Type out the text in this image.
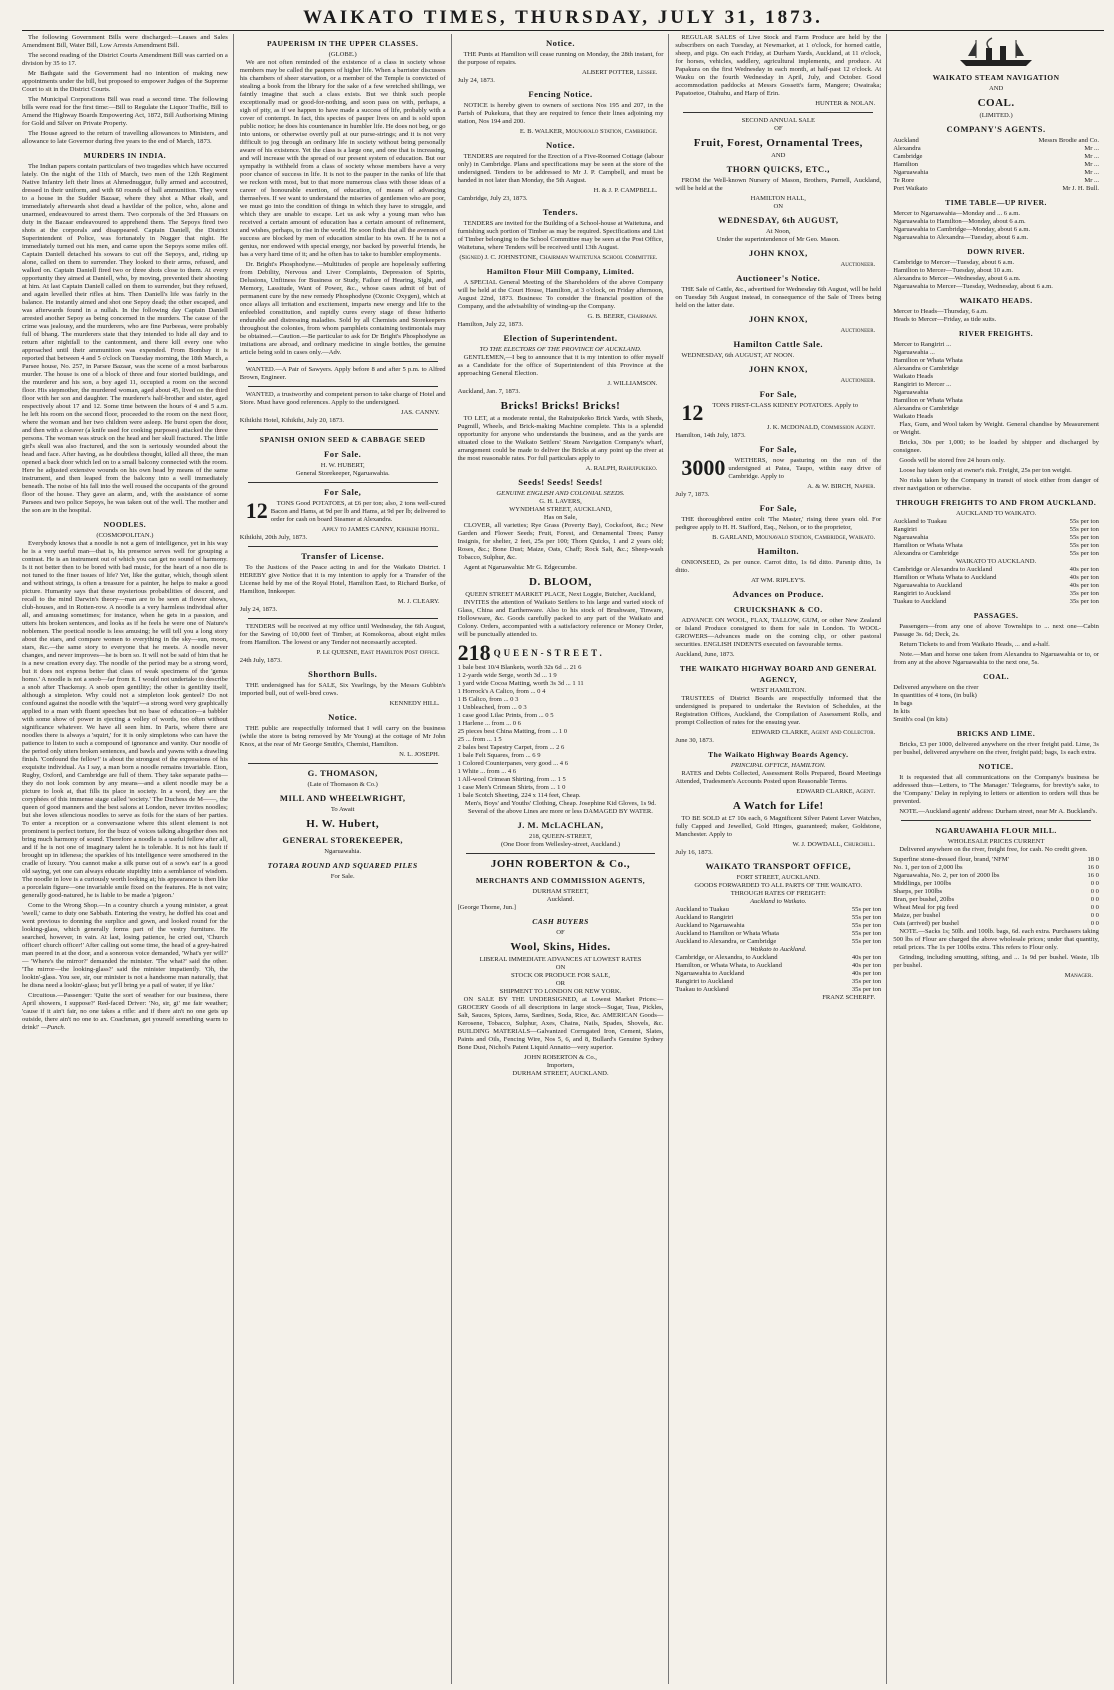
WAIKATO TIMES, THURSDAY, JULY 31, 1873.

The following Government Bills were discharged:—Leases and Sales Amendment Bill, Water Bill, Low Arrests Amendment Bill.

The second reading of the District Courts Amendment Bill was carried on a division by 35 to 17.

Mr Bathgate said the Government had no intention of making new appointments under the bill, but proposed to empower Judges of the Supreme Court to sit in the District Courts.

The Municipal Corporations Bill was read a second time. The following bills were read for the first time:—Bill to Regulate the Liquor Traffic, Bill to Amend the Highway Boards Empowering Act, 1872, Bill Authorising Mining for Gold and Silver on Private Property.

The House agreed to the return of travelling allowances to Ministers, and allowance to late Governor during five years to the end of March, 1873.

MURDERS IN INDIA.

The Indian papers contain particulars of two tragedies which have occurred lately. On the night of the 11th of March, two men of the 12th Regiment Native Infantry left their lines at Ahmednuggur, fully armed and accoutred, dressed in their uniform, and with 60 rounds of ball ammunition. They went to a house in the Sudder Bazaar, where they shot a Mhar ekali, and immediately afterwards shot dead a havildar of the police, who, alone and unarmed, endeavoured to arrest them. Two corporals of the 3rd Hussars on duty in the Bazaar endeavoured to apprehend them. The Sepoys fired two shots at the corporals and disappeared. Captain Daniell, the District Superintendent of Police, was fortunately in Nugger that night. He immediately turned out his men, and came upon the Sepoys some miles off. Captain Daniell detached his sowars to cut off the Sepoys, and, riding up alone, called on them to surrender. They looked to their arms, refused, and walked on. Captain Daniell fired two or three shots close to them. At every opportunity they aimed at Daniell, who, by moving, prevented their shooting at him. At last Captain Daniell called on them to surrender, but they refused, and again levelled their rifles at him. Then Daniell's life was fairly in the balance. He instantly aimed and shot one Sepoy dead; the other escaped, and was afterwards found in a nullah. In the following day Captain Daniell arrested another Sepoy as being concerned in the murders. The cause of the crime was jealousy, and the murderers, who are fine Purbeeas, were probably full of bhang. The murderers state that they intended to hide all day and to return after nightfall to the cantonment, and there kill every one who approached until their ammunition was expended. From Bombay it is reported that between 4 and 5 o'clock on Tuesday morning, the 18th March, a Parsee house, No. 257, in Parsee Bazaar, was the scene of a most barbarous murder. The house is one of a block of three and four storied buildings, and the murderer and his son, a boy aged 11, occupied a room on the second floor. His stepmother, the murdered woman, aged about 45, lived on the third floor with her son and daughter. The murderer's half-brother and sister, aged respectively about 17 and 12. Some time between the hours of 4 and 5 a.m. he left his room on the second floor, proceeded to the room on the next floor, where the woman and her two children were asleep. He burst open the door, and then with a cleaver (a knife used for cooking purposes) attacked the three persons. The woman was struck on the head and her skull fractured. The little girl's skull was also fractured, and the son is seriously wounded about the head and face. After having, as he doubtless thought, killed all three, the man opened a back door which led on to a small balcony connected with the room. Here he adjusted extensive wounds on his own head by means of the same instrument, and then leaped from the balcony into a well immediately beneath. The noise of his fall into the well roused the occupants of the ground floor of the house. They gave an alarm, and, with the assistance of some Parsees and two police Sepoys, he was taken out of the well. The mother and the son are in the hospital.

NOODLES.
(COSMOPOLITAN.)

Everybody knows that a noodle is not a gem of intelligence, yet in his way he is a very useful man—that is, his presence serves well for grouping a contrast. He is an instrument out of which you can get no sound of harmony. Is it not better then to be bored with bad music, for the heart of a noo dle is not tuned to the finer issues of life? Yet, like the guitar, which, though silent and without strings, is often a treasure for a painter, he helps to make a good picture. Humanity says that these mysterious probabilities of descent, and recall to the mind Darwin's theory—man are to be seen at flower shows, club-houses, and in Rotten-row. A noodle is a very harmless individual after all, and amusing sometimes; for instance, when he gets in a passion, and utters his broken sentences, and looks as if he feels he were one of Nature's noblemen. The poetical noodle is less amusing; he will tell you a long story about the stars, and compare women to everything in the sky—sun, moon, stars, &c.—the same story to everyone that he meets. A noodle never changes, and never improves—he is born so. It will not be said of him that he is a new creation every day. The noodle of the period may be a strong word, but it does not express better that class of weak specimens of the 'genus homo.' A noodle is not a snob—far from it. I would not undertake to describe a snob after Thackeray. A snob open gentility; the other is gentility itself, although a simpleton. Why could not a simpleton look genteel? Do not confound against the noodle with the 'squirt'—a strong word very graphically applied to a man with fluent speeches but no base of education—a babbler with some show of power in ejecting a volley of words, too often without significance whatever. We have all seen him. In Paris, where there are noodles there is always a 'squirt,' for it is only simpletons who can have the patience to listen to such a compound of ignorance and vanity. Our noodle of the period only utters broken sentences, and bawls and yawns with a drawling finish. 'Confound the fellow!' is about the strongest of the expressions of his exquisite individual. As I say, a man born a noodle remains invariable. Eton, Rugby, Oxford, and Cambridge are full of them. They take separate paths—they do not look common by any means—and a silent noodle may be a picture to look at, that fills its place in society. In a word, they are the coryphées of this immense stage called 'society.' The Duchess de M——, the queen of good manners and the best salons at London, never invites noodles; but she loves silencious noodles to serve as foils for the stars of her parties. To enter a reception or a conversazione where this silent element is not prominent is perfect torture, for the buzz of voices talking altogether does not bring much harmony of sound. Therefore a noodle is a useful fellow after all, and if he is not one of imaginary talent he is tolerable. It is not his fault if brought up in idleness; the sparkles of his intelligence were smothered in the cradle of luxury. 'You cannot make a silk purse out of a sow's ear' is a good old saying, yet one can always educate stupidity into a semblance of wisdom. The noodle in love is a curiously worth looking at; his appearance is then like a porcelain figure—one invariable smile fixed on the features. He is not vain; generally good-natured, he is liable to be made a 'pigeon.'

Come to the Wrong Shop.—In a country church a young minister, a great 'swell,' came to duty one Sabbath. Entering the vestry, he doffed his coat and went previous to donning the surplice and gown, and looked round for the looking-glass, which generally forms part of the vestry furniture. He searched, however, in vain. At last, losing patience, he cried out, 'Church officer! church officer!' After calling out some time, the head of a grey-haired man peered in at the door, and a sonorous voice demanded, 'What's yer will?' — 'Where's the mirror?' demanded the minister. 'The what?' said the other. 'The mirror—the looking-glass?' said the minister impatiently. 'Oh, the lookin'-glass. You see, sir, our minister is not a handsome man naturally, that he disna need a lookin'-glass; but ye'll bring ye a pail of water, if ye like.'

Circuitous.—Passenger: 'Quite the sort of weather for our business, there April showers, I suppose?' Red-faced Driver: 'No, sir, gi' me fair weather; 'cause if it ain't fair, no one takes a rifle: and if there ain't no one gets up outside, there ain't no one to ax. Coachman, get yourself something warm to drink!' —Punch.

PAUPERISM IN THE UPPER CLASSES.
(GLOBE.)

We are not often reminded of the existence of a class in society whose members may be called the paupers of higher life. When a barrister discusses his chambers of sheer starvation, or a member of the Temple is convicted of stealing a book from the library for the sake of a few wretched shillings, we faintly imagine that such a class exists. But we think such people exceptionally mad or good-for-nothing, and soon pass on with, perhaps, a sigh of pity, as if we happen to have made a success of life, probably with a cover of contempt. In fact, this species of pauper lives on and is sold upon public notice; he does his countenance in humbler life. He does not beg, or go into unions, or otherwise overtly pull at our purse-strings; and it is not very difficult to jog through an ordinary life in society without being personally aware of his existence. Yet the class is a large one, and one that is increasing, and will increase with the spread of our present system of education. But our sympathy is withheld from a class of society whose members have a very poor chance of success in life. It is not to the pauper in the ranks of life that we reckon with most, but to that more numerous class with those ideas of a career of honourable exertion, of education, of means of advancing themselves. If we want to understand the miseries of gentlemen who are poor, we must go into the condition of things in which they have to struggle, and which they are unable to escape. Let us ask why a young man who has received a certain amount of education has a certain amount of refinement, and wishes, perhaps, to rise in the world. He soon finds that all the avenues of success are blocked by men of education similar to his own. If he is not a genius, nor endowed with special energy, nor backed by powerful friends, he has a very hard time of it; and he often has to take to humbler employments.

Dr. Bright's Phosphodyne.—Multitudes of people are hopelessly suffering from Debility, Nervous and Liver Complaints, Depression of Spirits, Delusions, Unfitness for Business or Study, Failure of Hearing, Sight, and Memory, Lassitude, Want of Power, &c., whose cases admit of but of permanent cure by the new remedy Phosphodyne (Ozonic Oxygen), which at once allays all irritation and excitement, imparts new energy and life to the enfeebled constitution, and rapidly cures every stage of these hitherto endurable and distressing maladies. Sold by all Chemists and Storekeepers throughout the colonies, from whom pamphlets containing testimonials may be obtained.—Caution.—Be particular to ask for Dr Bright's Phosphodyne as imitations are abroad, and ordinary medicine in single bottles, the genuine article being sold in cases only.—Adv.

WANTED.—A Pair of Sawyers. Apply before 8 and after 5 p.m. to Alfred Brown, Engineer.

WANTED, a trustworthy and competent person to take charge of Hotel and Store. Must have good references. Apply to the undersigned.

JAS. CANNY.
Kihikihi Hotel, Kihikihi, July 20, 1873.
SPANISH ONION SEED & CABBAGE SEED
For Sale.
H. W. HUBERT,
General Storekeeper, Ngaruawahia.
For Sale,

12 TONS Good POTATOES, at £6 per ton; also, 2 tons well-cured Bacon and Hams, at 9d per lb and Hams, at 9d per lb; delivered to order for cash on board Steamer at Alexandra.

Apply to JAMES CANNY, Kihikihi Hotel.
Kihikihi, 20th July, 1873.
Transfer of License.

To the Justices of the Peace acting in and for the Waikato District. I HEREBY give Notice that it is my intention to apply for a Transfer of the License held by me of the Royal Hotel, Hamilton East, to Richard Burke, of Hamilton, Innkeeper.

M. J. CLEARY.
July 24, 1873.

TENDERS will be received at my office until Wednesday, the 6th August, for the Sawing of 10,000 feet of Timber, at Komokoroa, about eight miles from Hamilton. The lowest or any Tender not necessarily accepted.

P. Le QUESNE, East Hamilton Post Office.
24th July, 1873.
Shorthorn Bulls.

THE undersigned has for SALE, Six Yearlings, by the Messrs Gubbin's imported bull, out of well-bred cows.

KENNEDY HILL.
Notice.

THE public are respectfully informed that I will carry on the business (while the store is being removed by Mr Young) at the cottage of Mr John Knox, at the rear of Mr George Smith's, Chemist, Hamilton.

N. L. JOSEPH.
G. THOMASON,
(Late of Thomason & Co.)
MILL AND WHEELWRIGHT,
To Await
H. W. Hubert,
GENERAL STOREKEEPER,
Ngaruawahia.
TOTARA ROUND AND SQUARED PILES
For Sale.
Notice.

THE Punts at Hamilton will cease running on Monday, the 28th instant, for the purpose of repairs.

ALBERT POTTER, Lessee.
July 24, 1873.
Fencing Notice.

NOTICE is hereby given to owners of sections Nos 195 and 207, in the Parish of Pukekura, that they are required to fence their lines adjoining my station, Nos 194 and 200.

E. B. WALKER, Mounavalo Station, Cambridge.
Notice.

TENDERS are required for the Erection of a Five-Roomed Cottage (labour only) in Cambridge. Plans and specifications may be seen at the store of the undersigned. Tenders to be addressed to Mr J. P. Campbell, and must be handed in not later than Monday, the 5th August.

H. & J. P. CAMPBELL.
Cambridge, July 23, 1873.
Tenders.

TENDERS are invited for the Building of a School-house at Waitetuna, and furnishing such portion of Timber as may be required. Specifications and List of Timber belonging to the School Committee may be seen at the Post Office, Waitetuna, where Tenders will be received until 13th August.

(Signed) J. C. JOHNSTONE, Chairman Waitetuna School Committee.
Hamilton Flour Mill Company, Limited.

A SPECIAL General Meeting of the Shareholders of the above Company will be held at the Court House, Hamilton, at 3 o'clock, on Friday afternoon, August 22nd, 1873. Business: To consider the financial position of the Company, and the advisability of winding-up the Company.

G. B. BEERE, Chairman.
Hamilton, July 22, 1873.
Election of Superintendent.
TO THE ELECTORS OF THE PROVINCE OF AUCKLAND.

GENTLEMEN,—I beg to announce that it is my intention to offer myself as a Candidate for the office of Superintendent of this Province at the approaching General Election.

J. WILLIAMSON.
Auckland, Jan. 7, 1873.
Bricks! Bricks! Bricks!

TO LET, at a moderate rental, the Rahuipukeko Brick Yards, with Sheds, Pugmill, Wheels, and Brick-making Machine complete. This is a splendid opportunity for anyone who understands the business, and as the yards are situated close to the Waikato Settlers' Steam Navigation Company's wharf, arrangement could be made to deliver the Bricks at any point up the river at the most reasonable rates. For full particulars apply to

A. RALPH, Rahuipukeko.
Seeds! Seeds! Seeds!
GENUINE ENGLISH AND COLONIAL SEEDS.
G. H. LAVERS,
WYNDHAM STREET, AUCKLAND,
Has on Sale,

CLOVER, all varieties; Rye Grass (Poverty Bay), Cocksfoot, &c.; New Garden and Flower Seeds; Fruit, Forest, and Ornamental Trees; Pansy Insignis, for shelter, 2 feet, 25s per 100; Thorn Quicks, 1 and 2 years old; Roses, &c.; Bone Dust; Maize, Oats, Chaff; Rock Salt, &c.; Sheep-wash Tobacco, Sulphur, &c.

Agent at Ngaruawahia: Mr G. Edgecumbe.

D. BLOOM,
QUEEN STREET MARKET PLACE, Next Loggie, Butcher, Auckland,

INVITES the attention of Waikato Settlers to his large and varied stock of Glass, China and Earthenware. Also to his stock of Brushware, Tinware, Hollowware, &c. Goods carefully packed to any part of the Waikato and Colony. Orders, accompanied with a satisfactory reference or Money Order, will be punctually attended to.

218 QUEEN-STREET.
1 bale best 10/4 Blankets, worth 32s 6d ... 21 6
1 2-yards wide Serge, worth 3d ... 1 9
1 yard wide Cocoa Matting, worth 3s 3d ... 1 11
1 Horrock's A Calico, from ... 0 4
1 B Calico, from ... 0 3
1 Unbleached, from ... 0 3
1 case good Lilac Prints, from ... 0 5
1 Harlene ... from ... 0 6
25 pieces best China Matting, from ... 1 0
25 ... from ... 1 5
2 bales best Tapestry Carpet, from ... 2 6
1 bale Felt Squares, from ... 6 9
1 Colored Counterpanes, very good ... 4 6
1 White ... from ... 4 6
1 All-wool Crimean Shirting, from ... 1 5
1 case Men's Crimean Shirts, from ... 1 0
1 bale Scotch Sheeting, 224 x 114 feet, Cheap.
Men's, Boys' and Youths' Clothing, Cheap. Josephine Kid Gloves, 1s 9d.
Several of the above Lines are more or less DAMAGED BY WATER.
J. M. McLACHLAN,
218, QUEEN-STREET,
(One Door from Wellesley-street, Auckland.)
JOHN ROBERTON & Co.,
MERCHANTS AND COMMISSION AGENTS,
DURHAM STREET,
Auckland.
[George Thorne, Jun.]
CASH BUYERS
OF
Wool, Skins, Hides.
LIBERAL IMMEDIATE ADVANCES AT LOWEST RATES
ON
STOCK OR PRODUCE FOR SALE,
OR
SHIPMENT TO LONDON OR NEW YORK.

ON SALE BY THE UNDERSIGNED, at Lowest Market Prices:—GROCERY Goods of all descriptions in large stock—Sugar, Teas, Pickles, Salt, Sauces, Spices, Jams, Sardines, Soda, Rice, &c. AMERICAN Goods—Kerosene, Tobacco, Sulphur, Axes, Chains, Nails, Spades, Shovels, &c. BUILDING MATERIALS—Galvanized Corrugated Iron, Cement, Slates, Paints and Oils, Fencing Wire, Nos 5, 6, and 8, Bullard's Genuine Sydney Bone Dust, Nichol's Patent Liquid Annatto—very superior.

JOHN ROBERTON & Co.,
Importers,
DURHAM STREET, AUCKLAND.

REGULAR SALES of Live Stock and Farm Produce are held by the subscribers on each Tuesday, at Newmarket, at 1 o'clock, for horned cattle, sheep, and pigs. On each Friday, at Durham Yards, Auckland, at 11 o'clock, for horses, vehicles, saddlery, agricultural implements, and produce. At Papakura on the first Wednesday in each month, at half-past 12 o'clock. At Wauku on the fourth Wednesday in April, July, and October. Good accommodation paddocks at Messrs Gossett's farm, Mangere; Owairaka; Papatoetoe, Otahuhu, and Harp of Erin.

HUNTER & NOLAN.
SECOND ANNUAL SALE
OF
Fruit, Forest, Ornamental Trees,
AND
THORN QUICKS, ETC.,

FROM the Well-known Nursery of Mason, Brothers, Parnell, Auckland, will be held at the

HAMILTON HALL,
ON
WEDNESDAY, 6th AUGUST,
At Noon,
Under the superintendence of Mr Geo. Mason.
JOHN KNOX,
Auctioneer.
Auctioneer's Notice.

THE Sale of Cattle, &c., advertised for Wednesday 6th August, will be held on Tuesday 5th August instead, in consequence of the Sale of Trees being held on the latter date.

JOHN KNOX,
Auctioneer.
Hamilton Cattle Sale.

WEDNESDAY, 6th AUGUST, AT NOON.

JOHN KNOX,
Auctioneer.
For Sale,

12 TONS FIRST-CLASS KIDNEY POTATOES. Apply to

J. K. McDONALD, Commission Agent.
Hamilton, 14th July, 1873.
For Sale,

3000 WETHERS, now pasturing on the run of the undersigned at Patea, Taupo, within easy drive of Cambridge. Apply to

A. & W. BIRCH, Napier.
July 7, 1873.
For Sale,

THE thoroughbred entire colt 'The Master,' rising three years old. For pedigree apply to H. H. Stafford, Esq., Nelson, or to the proprietor,

B. GARLAND, Mounavalo Station, Cambridge, Waikato.
Hamilton.

ONIONSEED, 2s per ounce. Carrot ditto, 1s 6d ditto. Parsnip ditto, 1s ditto.

AT WM. RIPLEY'S.
Advances on Produce.
CRUICKSHANK & CO.

ADVANCE ON WOOL, FLAX, TALLOW, GUM, or other New Zealand or Island Produce consigned to them for sale in London. To WOOL-GROWERS—Advances made on the coming clip, or other pastoral securities. ENGLISH INDENTS executed on favourable terms.

Auckland, June, 1873.
THE WAIKATO HIGHWAY BOARD AND GENERAL AGENCY,
WEST HAMILTON.

TRUSTEES of District Boards are respectfully informed that the undersigned is prepared to undertake the Revision of Schedules, at the Registration Offices, Auckland, the Compilation of Assessment Rolls, and prompt Collection of rates for the ensuing year.

EDWARD CLARKE, Agent and Collector.
June 30, 1873.
The Waikato Highway Boards Agency.
PRINCIPAL OFFICE, HAMILTON.

RATES and Debts Collected, Assessment Rolls Prepared, Board Meetings Attended, Tradesmen's Accounts Posted upon Reasonable Terms.

EDWARD CLARKE, Agent.
A Watch for Life!

TO BE SOLD at £7 10s each, 6 Magnificent Silver Patent Lever Watches, fully Capped and Jewelled, Gold Hinges, guaranteed; maker, Goldstone, Manchester. Apply to

W. J. DOWDALL, Churchill.
July 16, 1873.
WAIKATO TRANSPORT OFFICE,
FORT STREET, AUCKLAND.
GOODS FORWARDED TO ALL PARTS OF THE WAIKATO.
THROUGH RATES OF FREIGHT:
Auckland to Waikato.
Auckland to Tuakau	55s per ton
Auckland to Rangiriri	55s per ton
Auckland to Ngaruawahia	55s per ton
Auckland to Hamilton or Whata Whata	55s per ton
Auckland to Alexandra, or Cambridge	55s per ton
Waikato to Auckland.
Cambridge, or Alexandra, to Auckland	40s per ton
Hamilton, or Whata Whata, to Auckland	40s per ton
Ngaruawahia to Auckland	40s per ton
Rangiriri to Auckland	35s per ton
Tuakau to Auckland	35s per ton
FRANZ SCHERFF.
WAIKATO STEAM NAVIGATION
AND
COAL.
(LIMITED.)
COMPANY'S AGENTS.
Auckland	Messrs Brodie and Co.
Alexandra	Mr ...
Cambridge	Mr ...
Hamilton	Mr ...
Ngaruawahia	Mr ...
Te Rore	Mr ...
Port Waikato	Mr J. H. Bull.
TIME TABLE—UP RIVER.
Mercer to Ngaruawahia—Monday and ... 6 a.m.
Ngaruawahia to Hamilton—Monday, about 6 a.m.
Ngaruawahia to Cambridge—Monday, about 6 a.m.
Ngaruawahia to Alexandra—Tuesday, about 6 a.m.
DOWN RIVER.
Cambridge to Mercer—Tuesday, about 6 a.m.
Hamilton to Mercer—Tuesday, about 10 a.m.
Alexandra to Mercer—Wednesday, about 6 a.m.
Ngaruawahia to Mercer—Tuesday, Wednesday, about 6 a.m.
WAIKATO HEADS.
Mercer to Heads—Thursday, 6 a.m.
Heads to Mercer—Friday, as tide suits.
RIVER FREIGHTS.
Mercer to Rangiriri ...
Ngaruawahia ...
Hamilton or Whata Whata
Alexandra or Cambridge
Waikato Heads
Rangiriri to Mercer ...
Ngaruawahia
Hamilton or Whata Whata
Alexandra or Cambridge
Waikato Heads

Flax, Gum, and Wool taken by Weight. General chandise by Measurement or Weight.

Bricks, 30s per 1,000; to be loaded by shipper and discharged by consignee.

Goods will be stored free 24 hours only.

Loose hay taken only at owner's risk. Freight, 25s per ton weight.

No risks taken by the Company in transit of stock either from danger of river navigation or otherwise.

THROUGH FREIGHTS TO AND FROM AUCKLAND.
AUCKLAND TO WAIKATO.
Auckland to Tuakau	55s per ton
Rangiriri	55s per ton
Ngaruawahia	55s per ton
Hamilton or Whata Whata	55s per ton
Alexandra or Cambridge	55s per ton
WAIKATO TO AUCKLAND.
Cambridge or Alexandra to Auckland	40s per ton
Hamilton or Whata Whata to Auckland	40s per ton
Ngaruawahia to Auckland	40s per ton
Rangiriri to Auckland	35s per ton
Tuakau to Auckland	35s per ton
PASSAGES.

Passengers—from any one of above Townships to ... next one—Cabin Passage 3s. 6d; Deck, 2s.

Return Tickets to and from Waikato Heads, ... and a-half.

Note.—Man and horse one taken from Alexandra to Ngaruawahia or to, or from any at the above Ngaruawahia to the next one, 5s.

COAL.
Delivered anywhere on the river
In quantities of 4 tons, (in bulk)
In bags
In kits
Smith's coal (in kits)
BRICKS AND LIME.

Bricks, £3 per 1000, delivered anywhere on the river freight paid. Lime, 3s per bushel, delivered anywhere on the river, freight paid; bags, 1s each extra.

NOTICE.

It is requested that all communications on the Company's business be addressed thus—Letters, to 'The Manager.' Telegrams, for brevity's sake, to the 'Company.' Delay in replying to letters or attention to orders will thus be prevented.

NOTE.—Auckland agents' address: Durham street, near Mr A. Buckland's.

NGARUAWAHIA FLOUR MILL.
WHOLESALE PRICES CURRENT

Delivered anywhere on the river, freight free, for cash. No credit given.

Superfine stone-dressed flour, brand, 'NFM'	18 0
No. 1, per ton of 2,000 lbs	16 0
Ngaruawahia, No. 2, per ton of 2000 lbs	16 0
Middlings, per 100lbs	0 0
Sharps, per 100lbs	0 0
Bran, per bushel, 20lbs	0 0
Wheat Meal for pig feed	0 0
Maize, per bushel	0 0
Oats (arrived) per bushel	0 0

NOTE.—Sacks 1s; 50lb. and 100lb. bags, 6d. each extra. Purchasers taking 500 lbs of Flour are charged the above wholesale prices; under that quantity, retail prices. The 1s per 100lbs extra. This refers to Flour only.

Grinding, including smutting, sifting, and ... 1s 9d per bushel. Waste, 1lb per bushel.

Manager.
